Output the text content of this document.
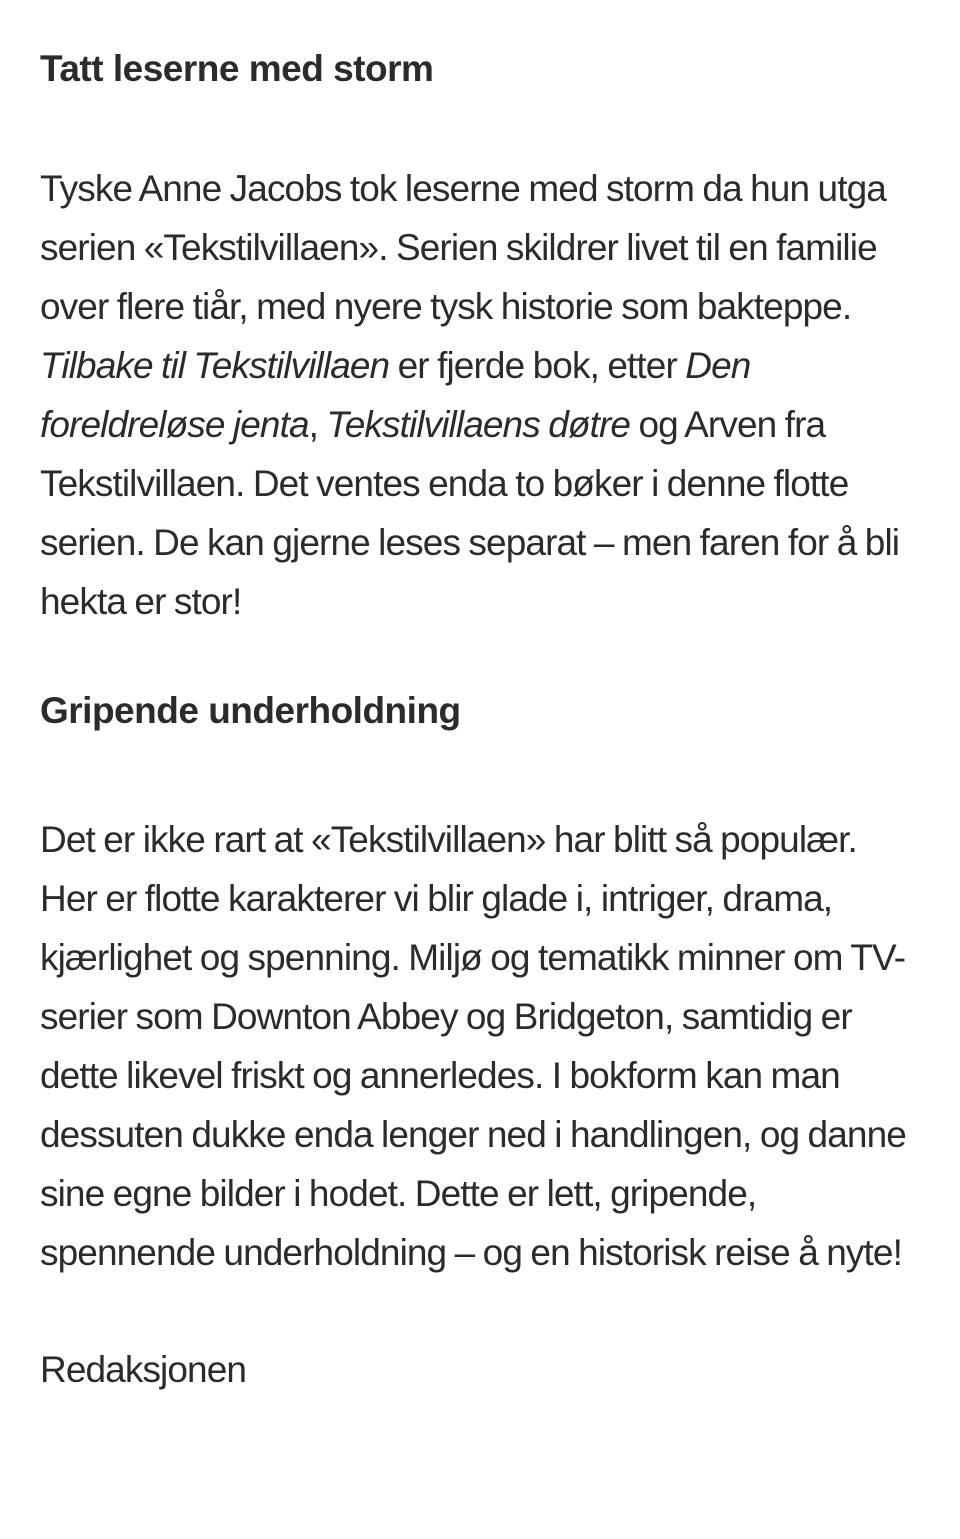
Tatt leserne med storm

Tyske Anne Jacobs tok leserne med storm da hun utga serien «Tekstilvillaen». Serien skildrer livet til en familie over flere tiår, med nyere tysk historie som bakteppe. Tilbake til Tekstilvillaen er fjerde bok, etter Den foreldreløse jenta, Tekstilvillaens døtre og Arven fra Tekstilvillaen. Det ventes enda to bøker i denne flotte serien. De kan gjerne leses separat – men faren for å bli hekta er stor!

Gripende underholdning

Det er ikke rart at «Tekstilvillaen» har blitt så populær. Her er flotte karakterer vi blir glade i, intriger, drama, kjærlighet og spenning. Miljø og tematikk minner om TV-serier som Downton Abbey og Bridgeton, samtidig er dette likevel friskt og annerledes. I bokform kan man dessuten dukke enda lenger ned i handlingen, og danne sine egne bilder i hodet. Dette er lett, gripende, spennende underholdning – og en historisk reise å nyte!

Redaksjonen
